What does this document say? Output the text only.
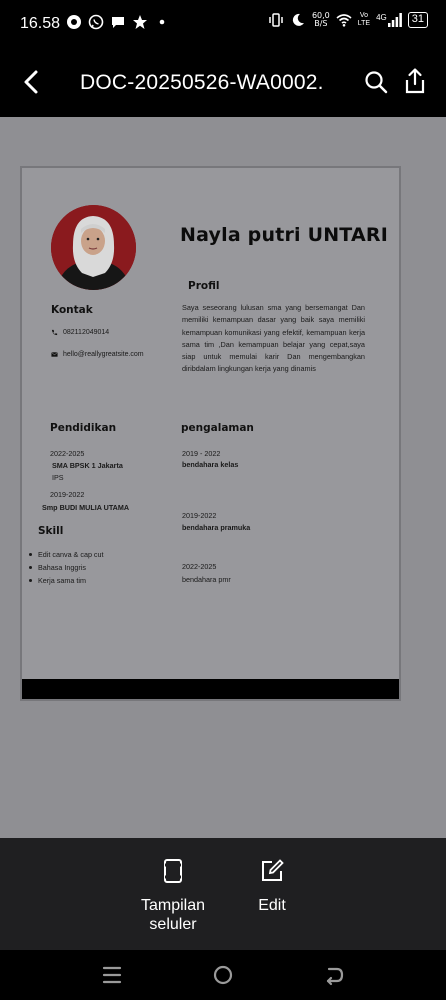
16.58	60,0
B/S
Vo
LTE
4G	31
DOC-20250526-WA0002.
Nayla putri UNTARI
Profil
Saya seseorang lulusan sma yang bersemangat Dan memiliki kemampuan dasar yang baik saya memiliki kemampuan komunikasi yang efektif, kemampuan kerja sama tim ,Dan kemampuan belajar yang cepat,saya siap untuk memulai karir Dan mengembangkan diribdalam lingkungan kerja yang dinamis
Kontak
082112049014
hello@reallygreatsite.com
Pendidikan
2022-2025
SMA BPSK 1 Jakarta
IPS
2019-2022
Smp BUDI MULIA UTAMA
Skill
Edit canva & cap cut
Bahasa Inggris
Kerja sama tim
pengalaman
2019 - 2022
bendahara kelas
2019-2022
bendahara pramuka
2022-2025
bendahara pmr
Tampilan
seluler
Edit
